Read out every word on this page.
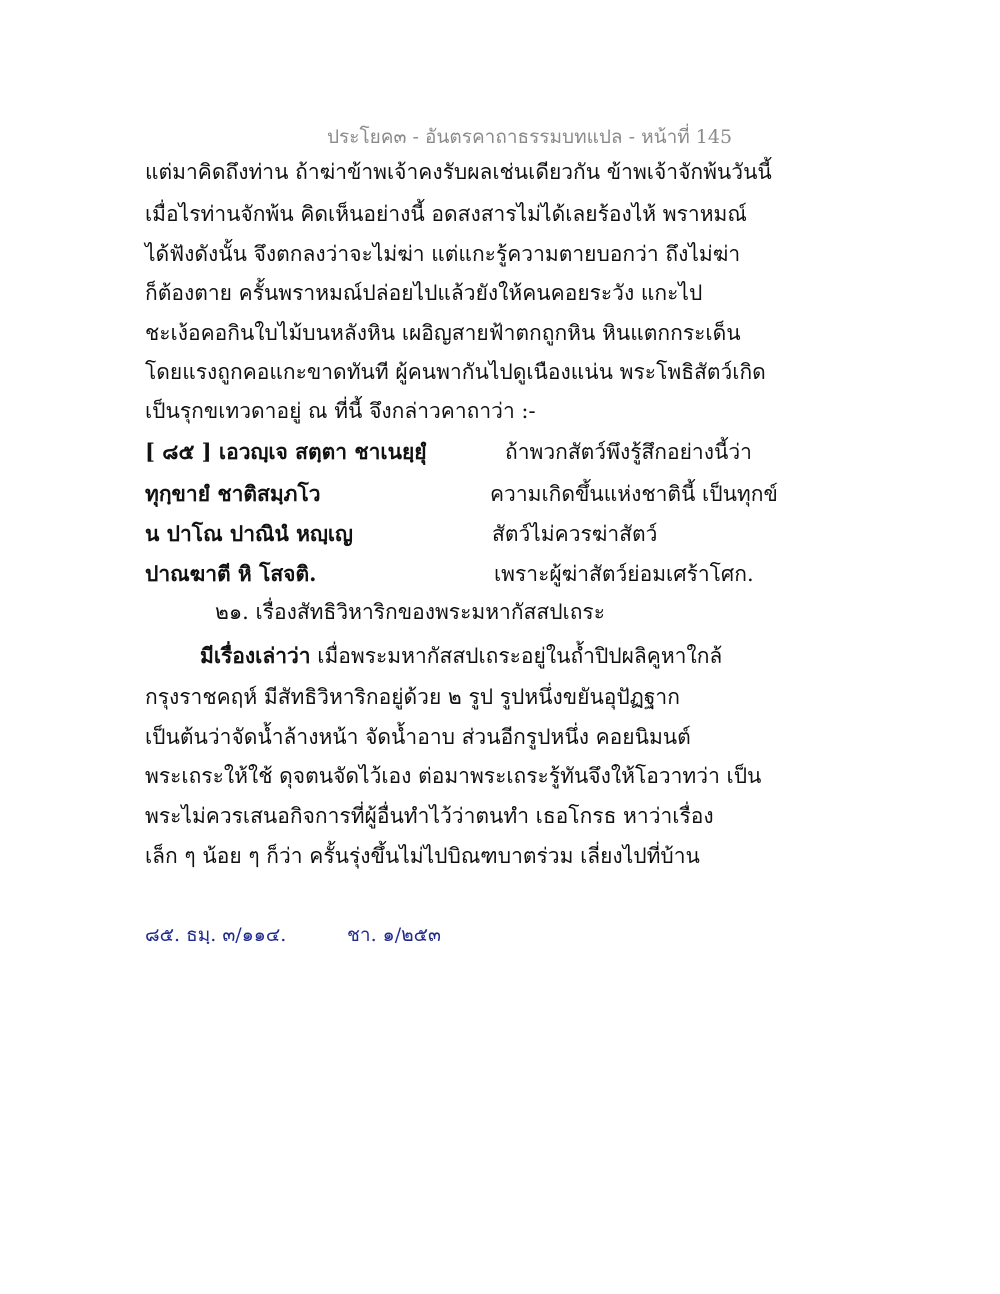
ประโยค๓ - อันตรคาถาธรรมบทแปล - หน้าที่ 145
แต่มาคิดถึงท่าน ถ้าฆ่าข้าพเจ้าคงรับผลเช่นเดียวกัน ข้าพเจ้าจักพ้นวันนี้
เมื่อไรท่านจักพ้น คิดเห็นอย่างนี้ อดสงสารไม่ได้เลยร้องไห้ พราหมณ์
ได้ฟังดังนั้น จึงตกลงว่าจะไม่ฆ่า แต่แกะรู้ความตายบอกว่า ถึงไม่ฆ่า
ก็ต้องตาย ครั้นพราหมณ์ปล่อยไปแล้วยังให้คนคอยระวัง แกะไป
ชะเง้อคอกินใบไม้บนหลังหิน เผอิญสายฟ้าตกถูกหิน หินแตกกระเด็น
โดยแรงถูกคอแกะขาดทันที ผู้คนพากันไปดูเนืองแน่น พระโพธิสัตว์เกิด
เป็นรุกขเทวดาอยู่ ณ ที่นี้ จึงกล่าวคาถาว่า :-
[ ๘๕ ] เอวญฺเจ สตฺตา ชาเนยฺยุํ	ถ้าพวกสัตว์พึงรู้สึกอย่างนี้ว่า
ทุกฺขายํ ชาติสมฺภโว	ความเกิดขึ้นแห่งชาตินี้ เป็นทุกข์
น ปาโณ ปาณินํ หญฺเญ	สัตว์ไม่ควรฆ่าสัตว์
ปาณฆาตี หิ โสจติ.	เพราะผู้ฆ่าสัตว์ย่อมเศร้าโศก.
๒๑. เรื่องสัทธิวิหาริกของพระมหากัสสปเถระ
มีเรื่องเล่าว่า เมื่อพระมหากัสสปเถระอยู่ในถ้ำปิปผลิคูหาใกล้
กรุงราชคฤห์ มีสัทธิวิหาริกอยู่ด้วย ๒ รูป รูปหนึ่งขยันอุปัฏฐาก
เป็นต้นว่าจัดน้ำล้างหน้า จัดน้ำอาบ ส่วนอีกรูปหนึ่ง คอยนิมนต์
พระเถระให้ใช้ ดุจตนจัดไว้เอง ต่อมาพระเถระรู้ทันจึงให้โอวาทว่า เป็น
พระไม่ควรเสนอกิจการที่ผู้อื่นทำไว้ว่าตนทำ เธอโกรธ หาว่าเรื่อง
เล็ก ๆ น้อย ๆ ก็ว่า ครั้นรุ่งขึ้นไม่ไปบิณฑบาตร่วม เลี่ยงไปที่บ้าน
๘๕. ธมฺ. ๓/๑๑๔.	ชา. ๑/๒๕๓
